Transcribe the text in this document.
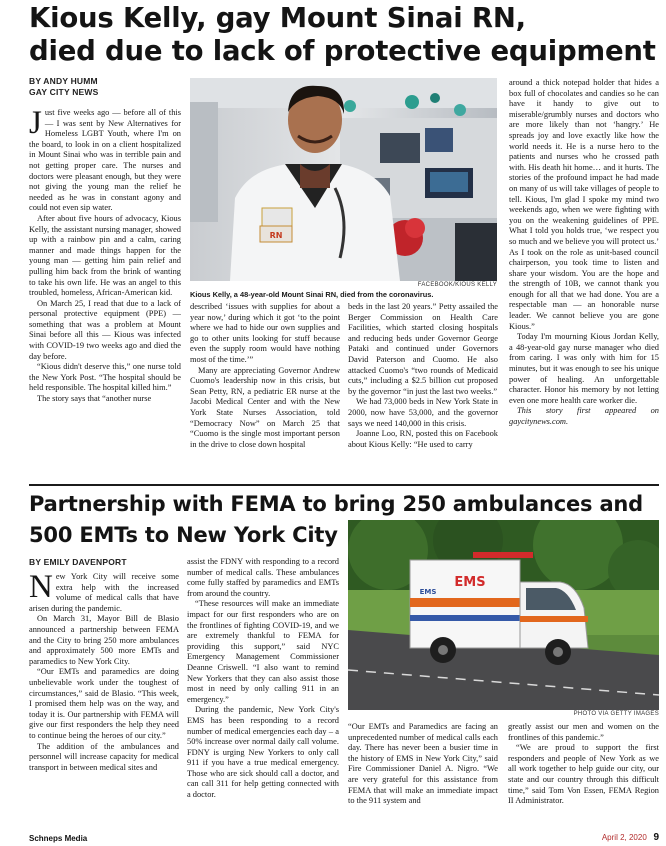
Kious Kelly, gay Mount Sinai RN,
died due to lack of protective equipment
BY ANDY HUMM
GAY CITY NEWS

Just five weeks ago — before all of this — I was sent by New Alternatives for Homeless LGBT Youth, where I'm on the board, to look in on a client hospitalized in Mount Sinai who was in terrible pain and not getting proper care. The nurses and doctors were pleasant enough, but they were not giving the young man the relief he needed as he was in constant agony and could not even sip water.

After about five hours of advocacy, Kious Kelly, the assistant nursing manager, showed up with a rainbow pin and a calm, caring manner and made things happen for the young man — getting him pain relief and pulling him back from the brink of wanting to take his own life. He was an angel to this troubled, homeless, African-American kid.

On March 25, I read that due to a lack of personal protective equipment (PPE) — something that was a problem at Mount Sinai before all this — Kious was infected with COVID-19 two weeks ago and died the day before.

“Kious didn't deserve this,” one nurse told the New York Post. “The hospital should be held responsible. The hospital killed him.”

The story says that “another nurse

RN
FACEBOOK/KIOUS KELLY
Kious Kelly, a 48-year-old Mount Sinai RN, died from the coronavirus.

described ‘issues with supplies for about a year now,’ during which it got ‘to the point where we had to hide our own supplies and go to other units looking for stuff because even the supply room would have nothing most of the time.’”

Many are appreciating Governor Andrew Cuomo's leadership now in this crisis, but Sean Petty, RN, a pediatric ER nurse at the Jacobi Medical Center and with the New York State Nurses Association, told “Democracy Now” on March 25 that “Cuomo is the single most important person in the drive to close down hospital

beds in the last 20 years.” Petty assailed the Berger Commission on Health Care Facilities, which started closing hospitals and reducing beds under Governor George Pataki and continued under Governors David Paterson and Cuomo. He also attacked Cuomo's “two rounds of Medicaid cuts,” including a $2.5 billion cut proposed by the governor “in just the last two weeks.”

We had 73,000 beds in New York State in 2000, now have 53,000, and the governor says we need 140,000 in this crisis.

Joanne Loo, RN, posted this on Facebook about Kious Kelly: “He used to carry

around a thick notepad holder that hides a box full of chocolates and candies so he can have it handy to give out to miserable/grumbly nurses and doctors who are more likely than not ‘hangry.’ He spreads joy and love exactly like how the world needs it. He is a nurse hero to the patients and nurses who he crossed path with. His death hit home… and it hurts. The stories of the profound impact he had made on many of us will take villages of people to tell. Kious, I'm glad I spoke my mind two weekends ago, when we were fighting with you on the weakening guidelines of PPE. What I told you holds true, ‘we respect you so much and we believe you will protect us.’ As I took on the role as unit-based council chairperson, you took time to listen and share your wisdom. You are the hope and the strength of 10B, we cannot thank you enough for all that we had done. You are a respectable man — an honorable nurse leader. We cannot believe you are gone Kious.”

Today I'm mourning Kious Jordan Kelly, a 48-year-old gay nurse manager who died from caring. I was only with him for 15 minutes, but it was enough to see his unique power of healing. An unforgettable character. Honor his memory by not letting even one more health care worker die.

This story first appeared on gaycitynews.com.

Partnership with FEMA to bring 250 ambulances and
500 EMTs to New York City
BY EMILY DAVENPORT

New York City will receive some extra help with the increased volume of medical calls that have arisen during the pandemic.

On March 31, Mayor Bill de Blasio announced a partnership between FEMA and the City to bring 250 more ambulances and approximately 500 more EMTs and paramedics to New York City.

“Our EMTs and paramedics are doing unbelievable work under the toughest of circumstances,” said de Blasio. “This week, I promised them help was on the way, and today it is. Our partnership with FEMA will give our first responders the help they need to continue being the heroes of our city.”

The addition of the ambulances and personnel will increase capacity for medical transport in between medical sites and

assist the FDNY with responding to a record number of medical calls. These ambulances come fully staffed by paramedics and EMTs from around the country.

“These resources will make an immediate impact for our first responders who are on the frontlines of fighting COVID-19, and we are extremely thankful to FEMA for providing this support,” said NYC Emergency Management Commissioner Deanne Criswell. “I also want to remind New Yorkers that they can also assist those most in need by only calling 911 in an emergency.”

During the pandemic, New York City's EMS has been responding to a record number of medical emergencies each day – a 50% increase over normal daily call volume. FDNY is urging New Yorkers to only call 911 if you have a true medical emergency. Those who are sick should call a doctor, and can call 311 for help getting connected with a doctor.

EMS
EMS
PHOTO VIA GETTY IMAGES

“Our EMTs and Paramedics are facing an unprecedented number of medical calls each day. There has never been a busier time in the history of EMS in New York City,” said Fire Commissioner Daniel A. Nigro. “We are very grateful for this assistance from FEMA that will make an immediate impact to the 911 system and

greatly assist our men and women on the frontlines of this pandemic.”

“We are proud to support the first responders and people of New York as we all work together to help guide our city, our state and our country through this difficult time,” said Tom Von Essen, FEMA Region II Administrator.

Schneps Media	April 2, 2020 9
